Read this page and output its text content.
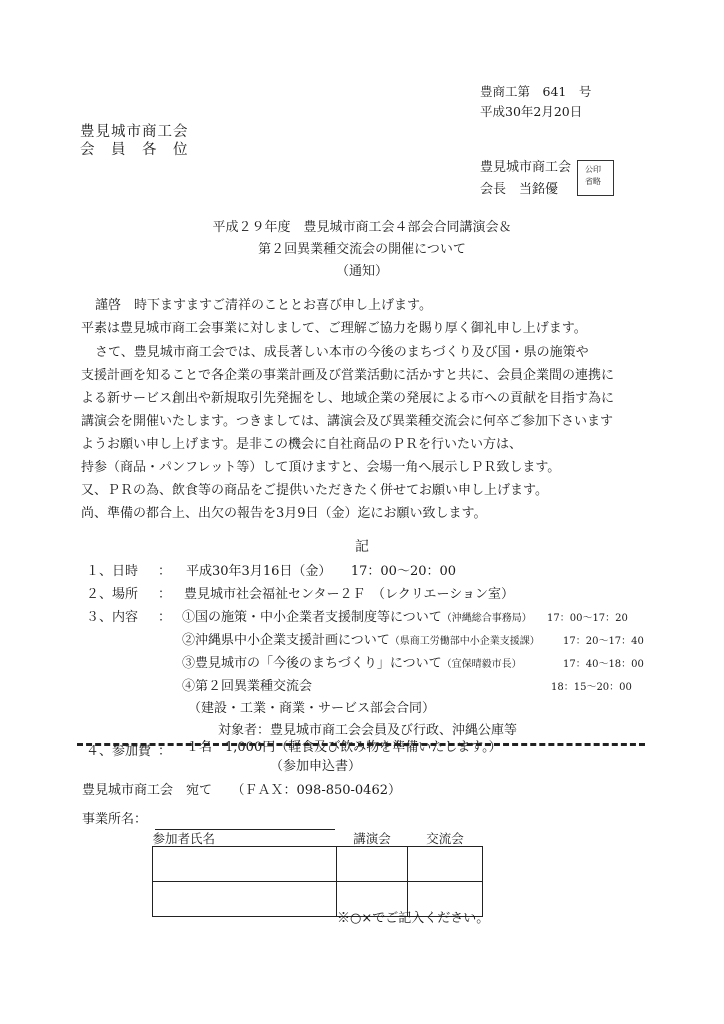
豊商工第　641　号
平成30年2月20日
豊見城市商工会
会　員　各　位
豊見城市商工会
会長　当銘優
公印
省略
平成２９年度　豊見城市商工会４部会合同講演会＆
第２回異業種交流会の開催について
（通知）
謹啓　時下ますますご清祥のこととお喜び申し上げます。
平素は豊見城市商工会事業に対しまして、ご理解ご協力を賜り厚く御礼申し上げます。
さて、豊見城市商工会では、成長著しい本市の今後のまちづくり及び国・県の施策や
支援計画を知ることで各企業の事業計画及び営業活動に活かすと共に、会員企業間の連携に
よる新サービス創出や新規取引先発掘をし、地域企業の発展による市への貢献を目指す為に
講演会を開催いたします。つきましては、講演会及び異業種交流会に何卒ご参加下さいます
ようお願い申し上げます。是非この機会に自社商品のＰＲを行いたい方は、
持参（商品・パンフレット等）して頂けますと、会場一角へ展示しＰＲ致します。
又、ＰＲの為、飲食等の商品をご提供いただきたく併せてお願い申し上げます。
尚、準備の都合上、出欠の報告を3月9日（金）迄にお願い致します。
記
１、日時 ： 平成30年3月16日（金）　　17：00〜20：00
２、場所 ： 豊見城市社会福祉センター２Ｆ　（レクリエーション室）
３、内容 ： ①国の施策・中小企業者支援制度等について（沖縄総合事務局） 17：00〜17：20
②沖縄県中小企業支援計画について（県商工労働部中小企業支援課） 17：20〜17：40
③豊見城市の「今後のまちづくり」について（宜保晴毅市長）	17：40〜18：00
④第２回異業種交流会	18：15〜20：00
（建設・工業・商業・サービス部会合同）
対象者：豊見城市商工会会員及び行政、沖縄公庫等
４、参加費 ： １名　1,000円（軽食及び飲み物を準備いたします。）
（参加申込書）
豊見城市商工会　宛て　　（ＦＡＸ：098-850-0462）
事業所名：
参加者氏名	講演会	交流会

※○×でご記入ください。
